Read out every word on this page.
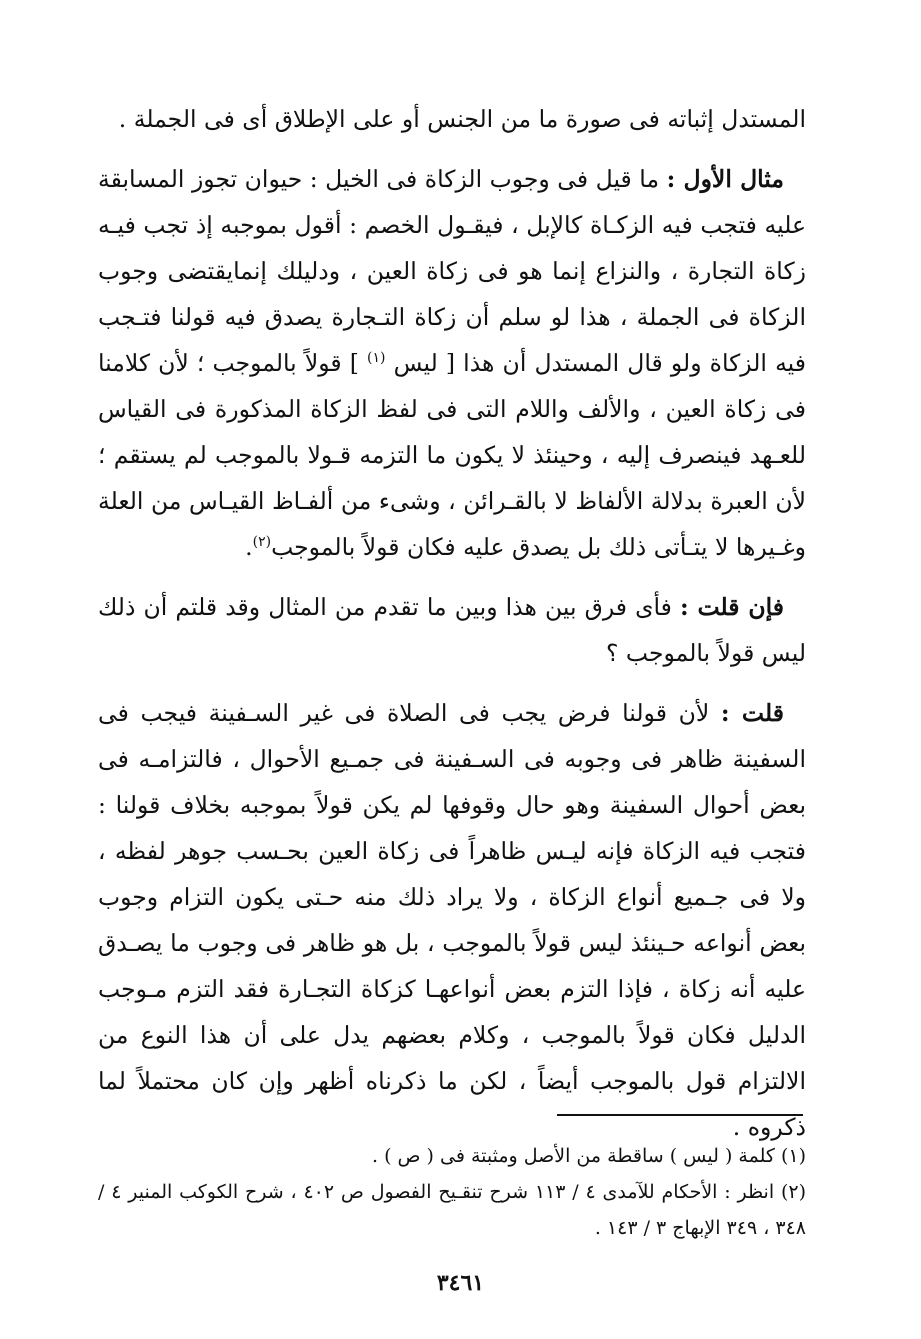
المستدل إثباته فى صورة ما من الجنس أو على الإطلاق أى فى الجملة .

مثال الأول : ما قيل فى وجوب الزكاة فى الخيل : حيوان تجوز المسابقة عليه فتجب فيه الزكـاة كالإبل ، فيقـول الخصم : أقول بموجبه إذ تجب فيـه زكاة التجارة ، والنزاع إنما هو فى زكاة العين ، ودليلك إنمايقتضى وجوب الزكاة فى الجملة ، هذا لو سلم أن زكاة التـجارة يصدق فيه قولنا فتـجب فيه الزكاة ولو قال المستدل أن هذا [ ليس $^{(١)}$ ] قولاً بالموجب ؛ لأن كلامنا فى زكاة العين ، والألف واللام التى فى لفظ الزكاة المذكورة فى القياس للعـهد فينصرف إليه ، وحينئذ لا يكون ما التزمه قـولا بالموجب لم يستقم ؛ لأن العبرة بدلالة الألفاظ لا بالقـرائن ، وشىء من ألفـاظ القيـاس من العلة وغـيرها لا يتـأتى ذلك بل يصدق عليه فكان قولاً بالموجب$^{(٢)}$.

فإن قلت : فأى فرق بين هذا وبين ما تقدم من المثال وقد قلتم أن ذلك ليس قولاً بالموجب ؟

قلت : لأن قولنا فرض يجب فى الصلاة فى غير السـفينة فيجب فى السفينة ظاهر فى وجوبه فى السـفينة فى جمـيع الأحوال ، فالتزامـه فى بعض أحوال السفينة وهو حال وقوفها لم يكن قولاً بموجبه بخلاف قولنا : فتجب فيه الزكاة فإنه ليـس ظاهراً فى زكاة العين بحـسب جوهر لفظه ، ولا فى جـميع أنواع الزكاة ، ولا يراد ذلك منه حـتى يكون التزام وجوب بعض أنواعه حـينئذ ليس قولاً بالموجب ، بل هو ظاهر فى وجوب ما يصـدق عليه أنه زكاة ، فإذا التزم بعض أنواعهـا كزكاة التجـارة فقد التزم مـوجب الدليل فكان قولاً بالموجب ، وكلام بعضهم يدل على أن هذا النوع من الالتزام قول بالموجب أيضاً ، لكن ما ذكرناه أظهر وإن كان محتملاً لما ذكروه .

(١) كلمة ( ليس ) ساقطة من الأصل ومثبتة فى ( ص ) .

(٢) انظر : الأحكام للآمدى ٤ / ١١٣ شرح تنقـيح الفصول ص ٤٠٢ ، شرح الكوكب المنير ٤ / ٣٤٨ ، ٣٤٩ الإبهاج ٣ / ١٤٣ .

٣٤٦١
